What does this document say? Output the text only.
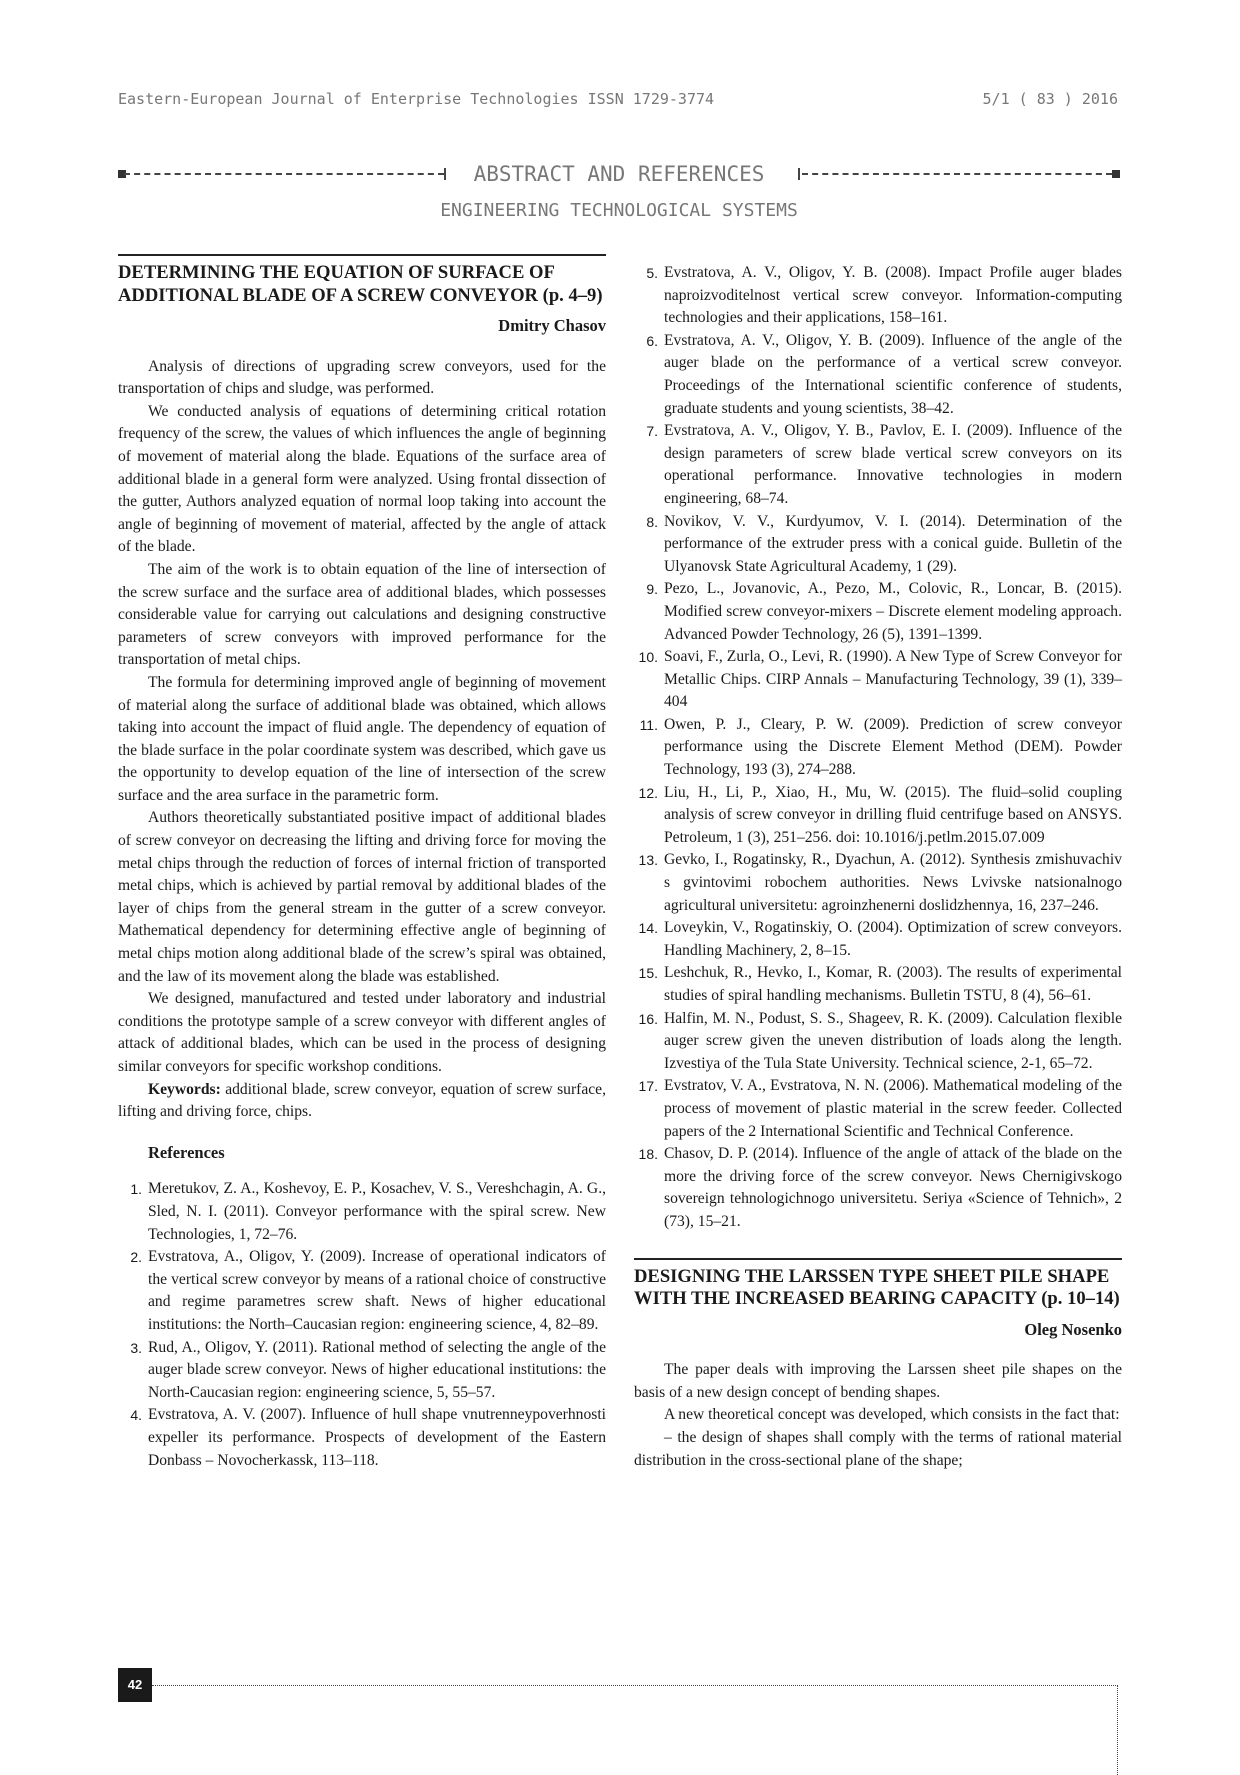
Eastern-European Journal of Enterprise Technologies ISSN 1729-3774	5/1 ( 83 ) 2016
ABSTRACT AND REFERENCES
ENGINEERING TECHNOLOGICAL SYSTEMS
DETERMINING THE EQUATION OF SURFACE OF ADDITIONAL BLADE OF A SCREW CONVEYOR (p. 4–9)
Dmitry Chasov

Analysis of directions of upgrading screw conveyors, used for the transportation of chips and sludge, was performed.

We conducted analysis of equations of determining critical rotation frequency of the screw, the values of which influences the angle of beginning of movement of material along the blade. Equations of the surface area of additional blade in a general form were analyzed. Using frontal dissection of the gutter, Authors analyzed equation of normal loop taking into account the angle of beginning of movement of material, affected by the angle of attack of the blade.

The aim of the work is to obtain equation of the line of intersection of the screw surface and the surface area of additional blades, which possesses considerable value for carrying out calculations and designing constructive parameters of screw conveyors with improved performance for the transportation of metal chips.

The formula for determining improved angle of beginning of movement of material along the surface of additional blade was obtained, which allows taking into account the impact of fluid angle. The dependency of equation of the blade surface in the polar coordinate system was described, which gave us the opportunity to develop equation of the line of intersection of the screw surface and the area surface in the parametric form.

Authors theoretically substantiated positive impact of additional blades of screw conveyor on decreasing the lifting and driving force for moving the metal chips through the reduction of forces of internal friction of transported metal chips, which is achieved by partial removal by additional blades of the layer of chips from the general stream in the gutter of a screw conveyor. Mathematical dependency for determining effective angle of beginning of metal chips motion along additional blade of the screw’s spiral was obtained, and the law of its movement along the blade was established.

We designed, manufactured and tested under laboratory and industrial conditions the prototype sample of a screw conveyor with different angles of attack of additional blades, which can be used in the process of designing similar conveyors for specific workshop conditions.

Keywords: additional blade, screw conveyor, equation of screw surface, lifting and driving force, chips.

References
1. Meretukov, Z. A., Koshevoy, E. P., Kosachev, V. S., Vereshchagin, A. G., Sled, N. I. (2011). Conveyor performance with the spiral screw. New Technologies, 1, 72–76.
2. Evstratova, A., Oligov, Y. (2009). Increase of operational indicators of the vertical screw conveyor by means of a rational choice of constructive and regime parametres screw shaft. News of higher educational institutions: the North–Caucasian region: engineering science, 4, 82–89.
3. Rud, A., Oligov, Y. (2011). Rational method of selecting the angle of the auger blade screw conveyor. News of higher educational institutions: the North-Caucasian region: engineering science, 5, 55–57.
4. Evstratova, A. V. (2007). Influence of hull shape vnutrenneypoverhnosti expeller its performance. Prospects of development of the Eastern Donbass – Novocherkassk, 113–118.
5. Evstratova, A. V., Oligov, Y. B. (2008). Impact Profile auger blades naproizvoditelnost vertical screw conveyor. Information-computing technologies and their applications, 158–161.
6. Evstratova, A. V., Oligov, Y. B. (2009). Influence of the angle of the auger blade on the performance of a vertical screw conveyor. Proceedings of the International scientific conference of students, graduate students and young scientists, 38–42.
7. Evstratova, A. V., Oligov, Y. B., Pavlov, E. I. (2009). Influence of the design parameters of screw blade vertical screw conveyors on its operational performance. Innovative technologies in modern engineering, 68–74.
8. Novikov, V. V., Kurdyumov, V. I. (2014). Determination of the performance of the extruder press with a conical guide. Bulletin of the Ulyanovsk State Agricultural Academy, 1 (29).
9. Pezo, L., Jovanovic, A., Pezo, M., Colovic, R., Loncar, B. (2015). Modified screw conveyor-mixers – Discrete element modeling approach. Advanced Powder Technology, 26 (5), 1391–1399.
10. Soavi, F., Zurla, O., Levi, R. (1990). A New Type of Screw Conveyor for Metallic Chips. CIRP Annals – Manufacturing Technology, 39 (1), 339–404
11. Owen, P. J., Cleary, P. W. (2009). Prediction of screw conveyor performance using the Discrete Element Method (DEM). Powder Technology, 193 (3), 274–288.
12. Liu, H., Li, P., Xiao, H., Mu, W. (2015). The fluid–solid coupling analysis of screw conveyor in drilling fluid centrifuge based on ANSYS. Petroleum, 1 (3), 251–256. doi: 10.1016/j.petlm.2015.07.009
13. Gevko, I., Rogatinsky, R., Dyachun, A. (2012). Synthesis zmishuvachiv s gvintovimi robochem authorities. News Lvivske natsionalnogo agricultural universitetu: agroinzhenerni doslidzhennya, 16, 237–246.
14. Loveykin, V., Rogatinskiy, O. (2004). Optimization of screw conveyors. Handling Machinery, 2, 8–15.
15. Leshchuk, R., Hevko, I., Komar, R. (2003). The results of experimental studies of spiral handling mechanisms. Bulletin TSTU, 8 (4), 56–61.
16. Halfin, M. N., Podust, S. S., Shageev, R. K. (2009). Calculation flexible auger screw given the uneven distribution of loads along the length. Izvestiya of the Tula State University. Technical science, 2-1, 65–72.
17. Evstratov, V. A., Evstratova, N. N. (2006). Mathematical modeling of the process of movement of plastic material in the screw feeder. Collected papers of the 2 International Scientific and Technical Conference.
18. Chasov, D. P. (2014). Influence of the angle of attack of the blade on the more the driving force of the screw conveyor. News Chernigivskogo sovereign tehnologichnogo universitetu. Seriya «Science of Tehnich», 2 (73), 15–21.
DESIGNING THE LARSSEN TYPE SHEET PILE SHAPE WITH THE INCREASED BEARING CAPACITY (p. 10–14)
Oleg Nosenko

The paper deals with improving the Larssen sheet pile shapes on the basis of a new design concept of bending shapes.

A new theoretical concept was developed, which consists in the fact that:

– the design of shapes shall comply with the terms of rational material distribution in the cross-sectional plane of the shape;

42
